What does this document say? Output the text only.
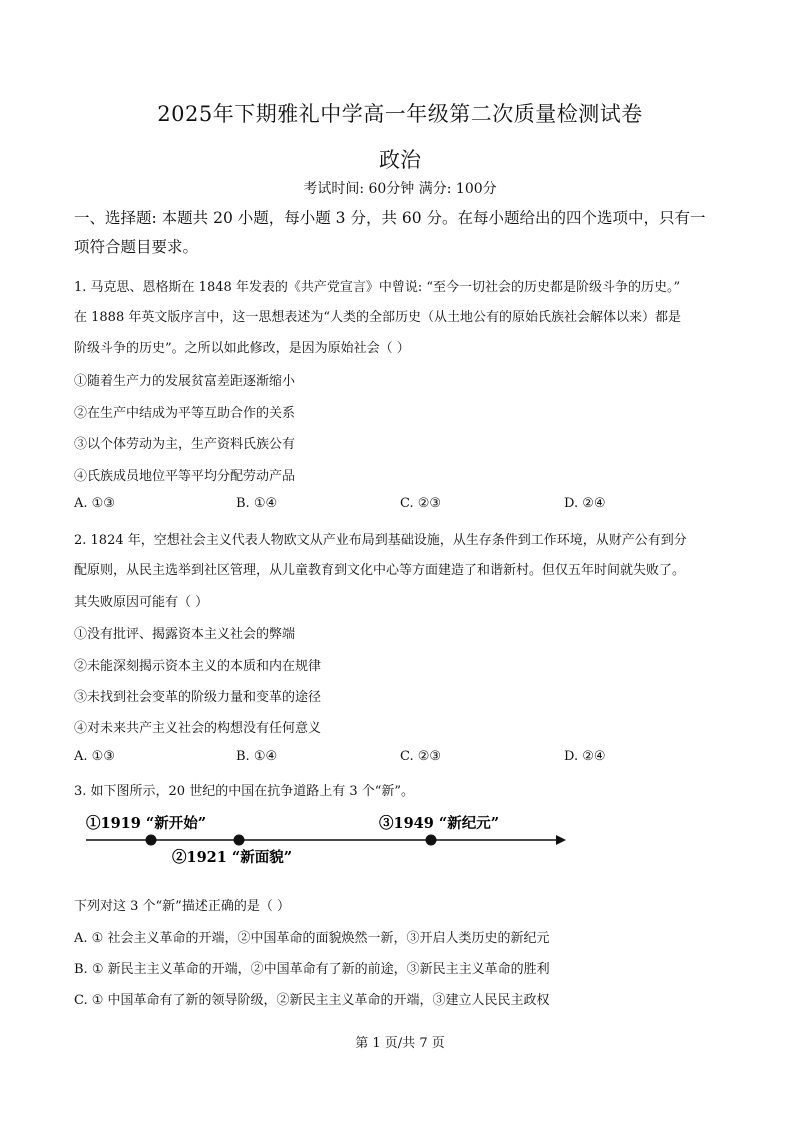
2025年下期雅礼中学高一年级第二次质量检测试卷
政治
考试时间: 60分钟 满分: 100分
一、选择题: 本题共 20 小题，每小题 3 分，共 60 分。在每小题给出的四个选项中，只有一
项符合题目要求。
1. 马克思、恩格斯在 1848 年发表的《共产党宣言》中曾说: “至今一切社会的历史都是阶级斗争的历史。”
在 1888 年英文版序言中，这一思想表述为“人类的全部历史（从土地公有的原始氏族社会解体以来）都是
阶级斗争的历史”。之所以如此修改，是因为原始社会（ ）
①随着生产力的发展贫富差距逐渐缩小
②在生产中结成为平等互助合作的关系
③以个体劳动为主，生产资料氏族公有
④氏族成员地位平等平均分配劳动产品
A. ①③	B. ①④	C. ②③	D. ②④
2. 1824 年，空想社会主义代表人物欧文从产业布局到基础设施，从生存条件到工作环境，从财产公有到分
配原则，从民主选举到社区管理，从儿童教育到文化中心等方面建造了和谐新村。但仅五年时间就失败了。
其失败原因可能有（ ）
①没有批评、揭露资本主义社会的弊端
②未能深刻揭示资本主义的本质和内在规律
③未找到社会变革的阶级力量和变革的途径
④对未来共产主义社会的构想没有任何意义
A. ①③	B. ①④	C. ②③	D. ②④
3. 如下图所示，20 世纪的中国在抗争道路上有 3 个“新”。
①1919 “新开始”
②1921 “新面貌”
③1949 “新纪元”
下列对这 3 个“新”描述正确的是（ ）
A. ① 社会主义革命的开端，②中国革命的面貌焕然一新，③开启人类历史的新纪元
B. ① 新民主主义革命的开端，②中国革命有了新的前途，③新民主主义革命的胜利
C. ① 中国革命有了新的领导阶级，②新民主主义革命的开端，③建立人民民主政权
第 1 页/共 7 页
